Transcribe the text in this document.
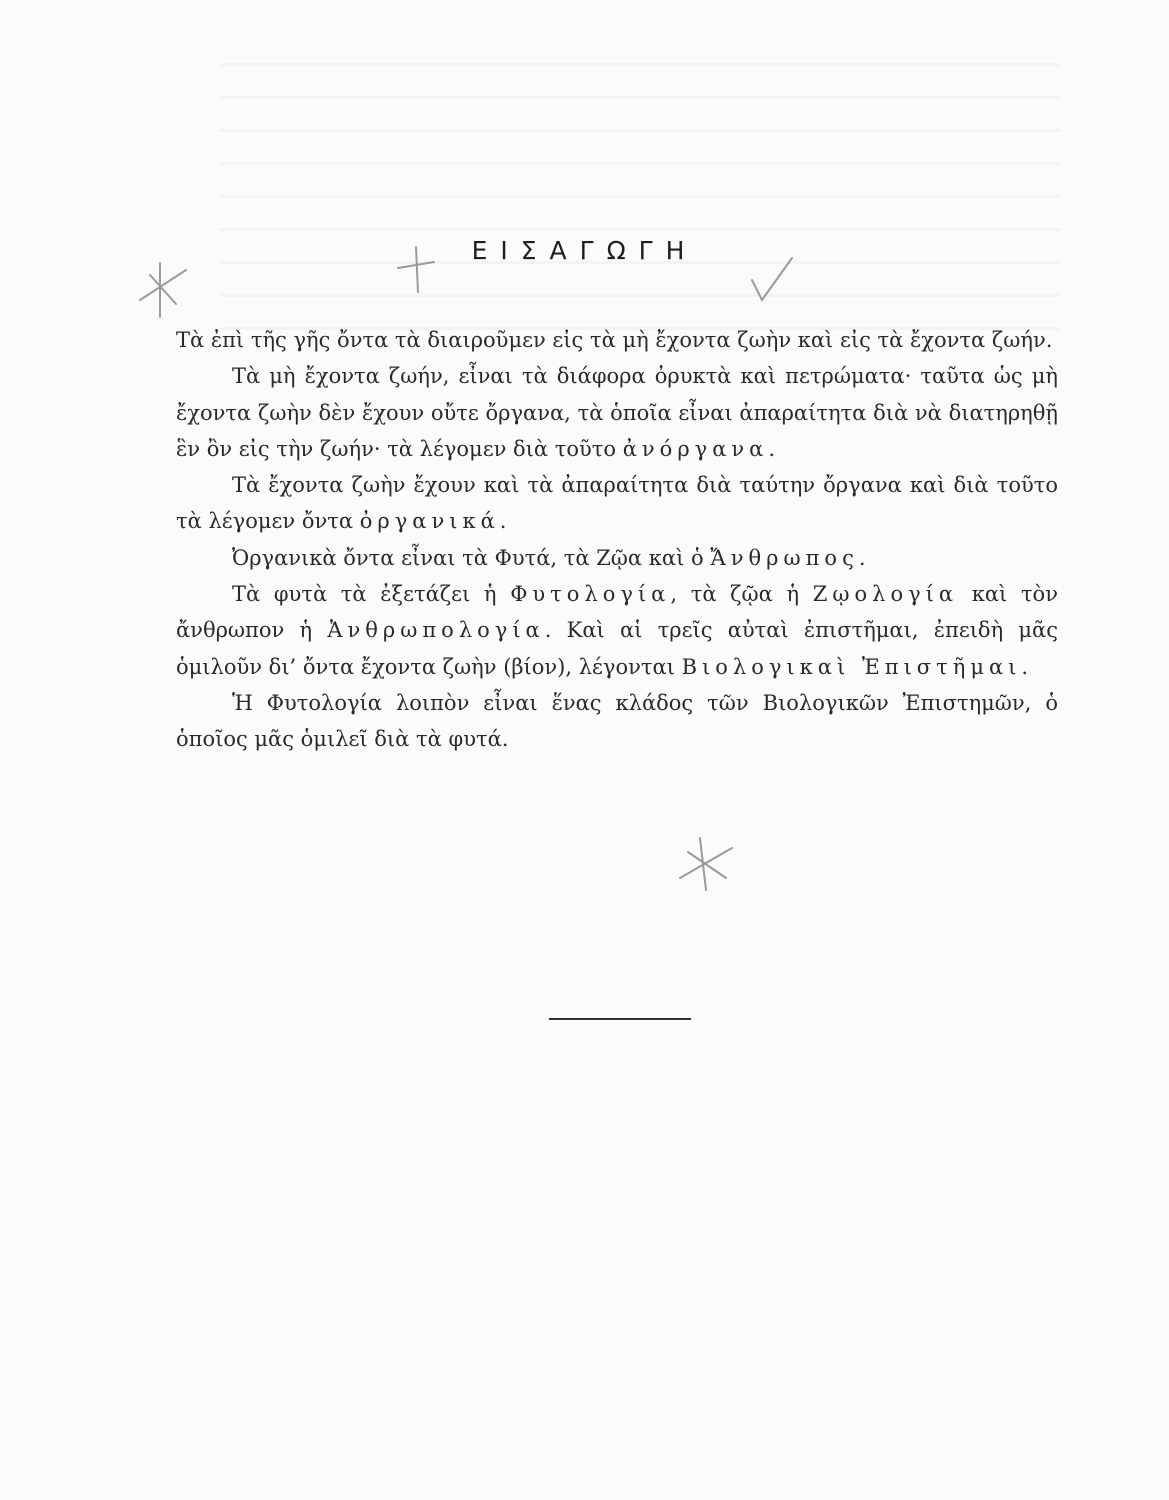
ΕΙΣΑΓΩΓΗ

Τὰ ἐπὶ τῆς γῆς ὄντα τὰ διαιροῦμεν εἰς τὰ μὴ ἔχοντα ζωὴν καὶ εἰς τὰ ἔχοντα ζωήν.

Τὰ μὴ ἔχοντα ζωήν, εἶναι τὰ διάφορα ὀρυκτὰ καὶ πετρώματα· ταῦτα ὡς μὴ ἔχοντα ζωὴν δὲν ἔχουν οὔτε ὄργανα, τὰ ὁποῖα εἶναι ἀπαραίτητα διὰ νὰ διατηρηθῇ ἓν ὂν εἰς τὴν ζωήν· τὰ λέγομεν διὰ τοῦτο ἀνόργανα.

Τὰ ἔχοντα ζωὴν ἔχουν καὶ τὰ ἀπαραίτητα διὰ ταύτην ὄργανα καὶ διὰ τοῦτο τὰ λέγομεν ὄντα ὀργανικά.

Ὀργανικὰ ὄντα εἶναι τὰ Φυτά, τὰ Ζῷα καὶ ὁ Ἄνθρωπος.

Τὰ φυτὰ τὰ ἐξετάζει ἡ Φυτολογία, τὰ ζῷα ἡ Ζῳολογία καὶ τὸν ἄνθρωπον ἡ Ἀνθρωπολογία. Καὶ αἱ τρεῖς αὐταὶ ἐπιστῆμαι, ἐπειδὴ μᾶς ὁμιλοῦν δι’ ὄντα ἔχοντα ζωὴν (βίον), λέγονται Βιολογικαὶ Ἐπιστῆμαι.

Ἡ Φυτολογία λοιπὸν εἶναι ἕνας κλάδος τῶν Βιολογικῶν Ἐπιστημῶν, ὁ ὁποῖος μᾶς ὁμιλεῖ διὰ τὰ φυτά.
